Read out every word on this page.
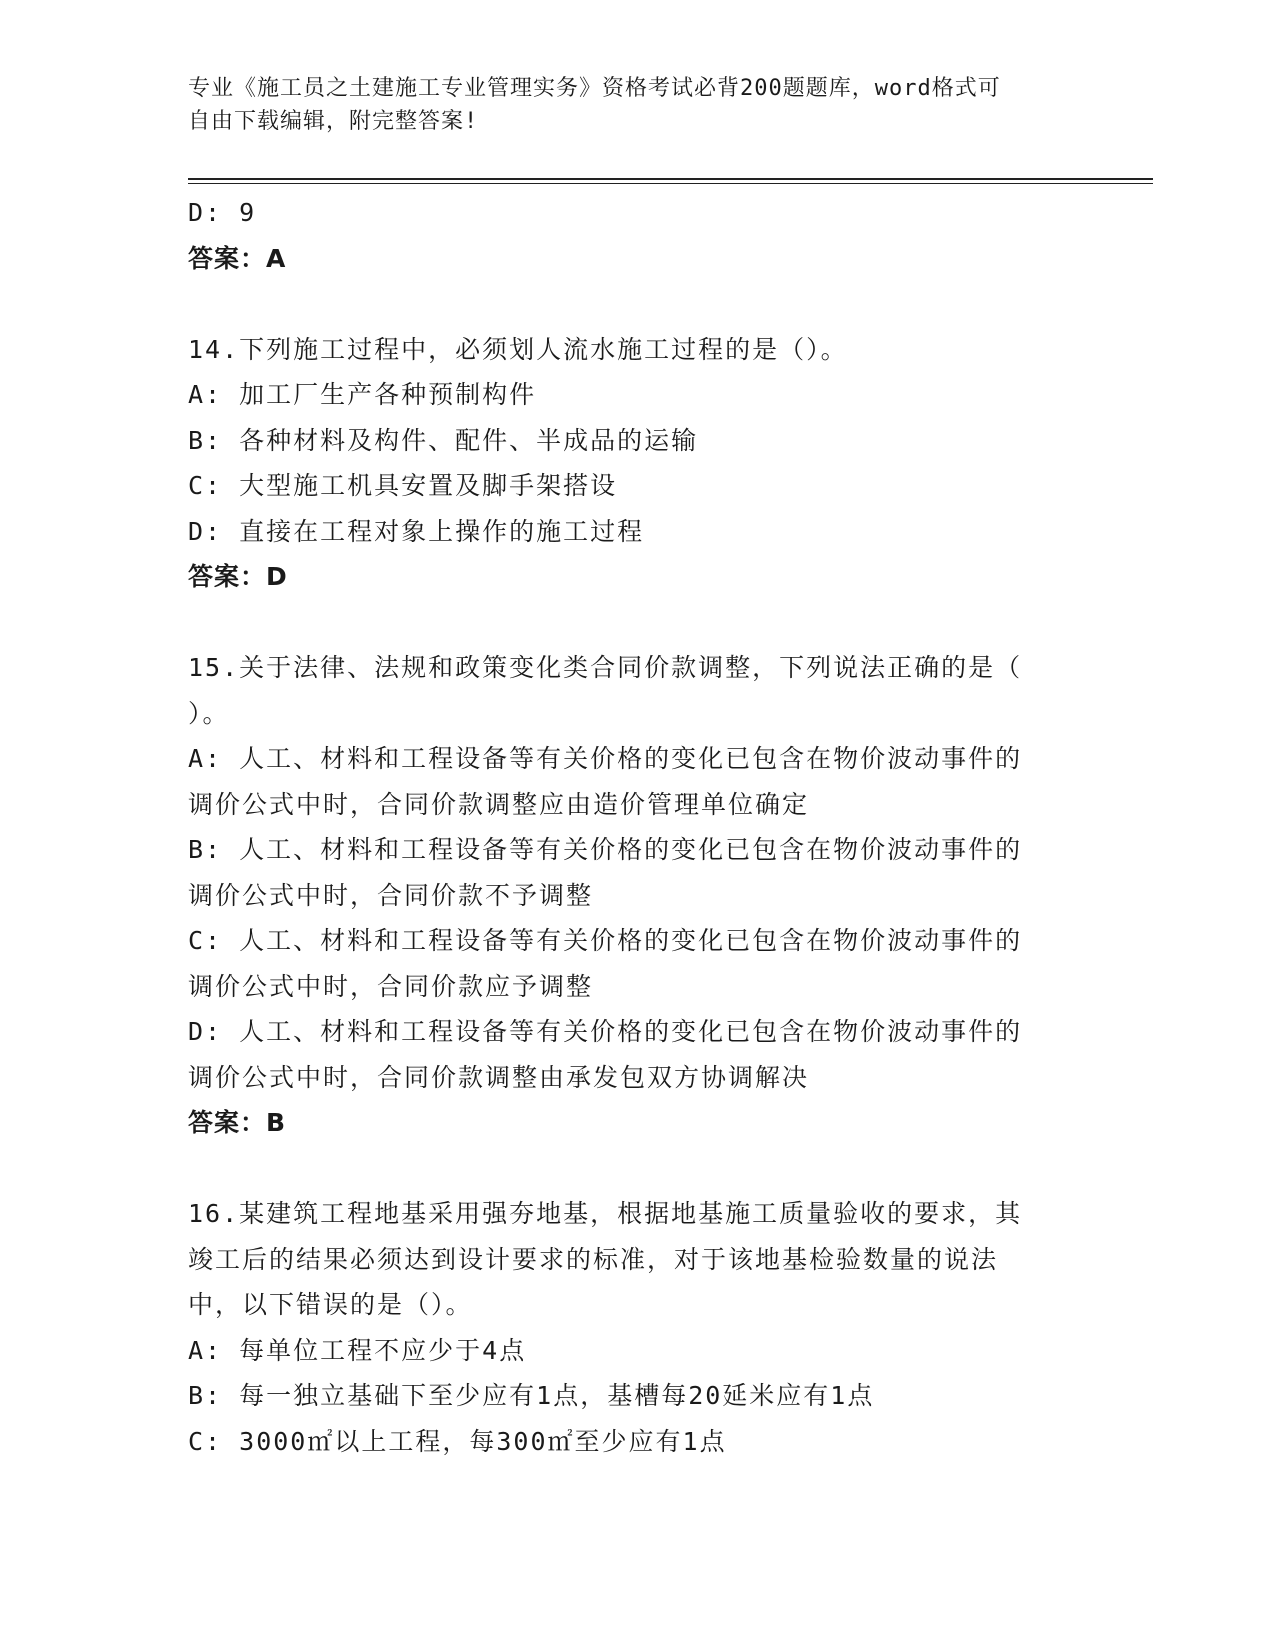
专业《施工员之土建施工专业管理实务》资格考试必背200题题库，word格式可
自由下载编辑，附完整答案!
D: 9
答案：A
14.下列施工过程中，必须划人流水施工过程的是（）。
A: 加工厂生产各种预制构件
B: 各种材料及构件、配件、半成品的运输
C: 大型施工机具安置及脚手架搭设
D: 直接在工程对象上操作的施工过程
答案：D
15.关于法律、法规和政策变化类合同价款调整，下列说法正确的是（
）。
A: 人工、材料和工程设备等有关价格的变化已包含在物价波动事件的
调价公式中时，合同价款调整应由造价管理单位确定
B: 人工、材料和工程设备等有关价格的变化已包含在物价波动事件的
调价公式中时，合同价款不予调整
C: 人工、材料和工程设备等有关价格的变化已包含在物价波动事件的
调价公式中时，合同价款应予调整
D: 人工、材料和工程设备等有关价格的变化已包含在物价波动事件的
调价公式中时，合同价款调整由承发包双方协调解决
答案：B
16.某建筑工程地基采用强夯地基，根据地基施工质量验收的要求，其
竣工后的结果必须达到设计要求的标准，对于该地基检验数量的说法
中，以下错误的是（）。
A: 每单位工程不应少于4点
B: 每一独立基础下至少应有1点，基槽每20延米应有1点
C: 3000㎡以上工程，每300㎡至少应有1点
